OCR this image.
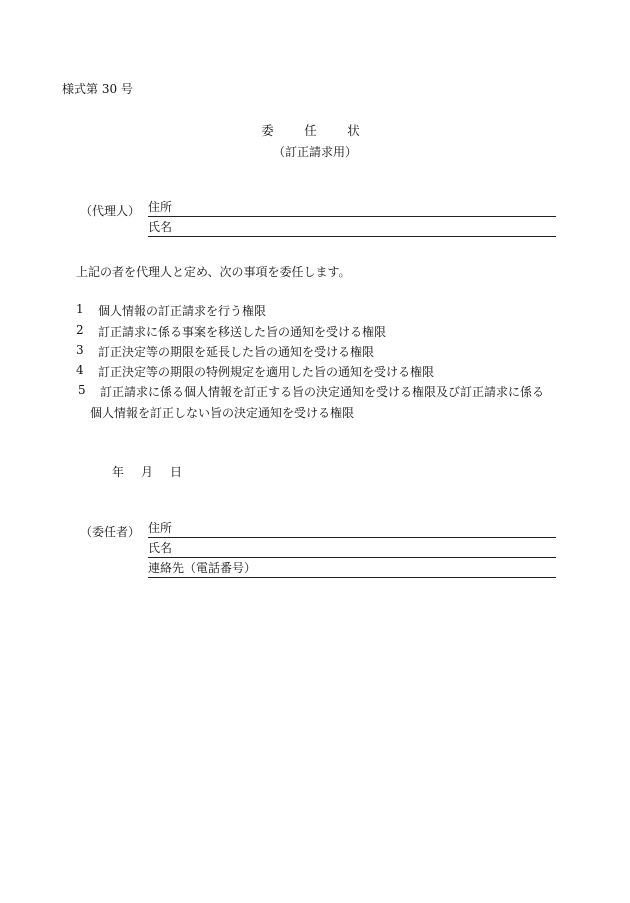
様式第 30 号
委　任　状
（訂正請求用）
（代理人） 住所
氏名
上記の者を代理人と定め、次の事項を委任します。
1 個人情報の訂正請求を行う権限
2 訂正請求に係る事案を移送した旨の通知を受ける権限
3 訂正決定等の期限を延長した旨の通知を受ける権限
4 訂正決定等の期限の特例規定を適用した旨の通知を受ける権限
5 訂正請求に係る個人情報を訂正する旨の決定通知を受ける権限及び訂正請求に係る
個人情報を訂正しない旨の決定通知を受ける権限
年 月 日
（委任者） 住所
氏名
連絡先（電話番号）
